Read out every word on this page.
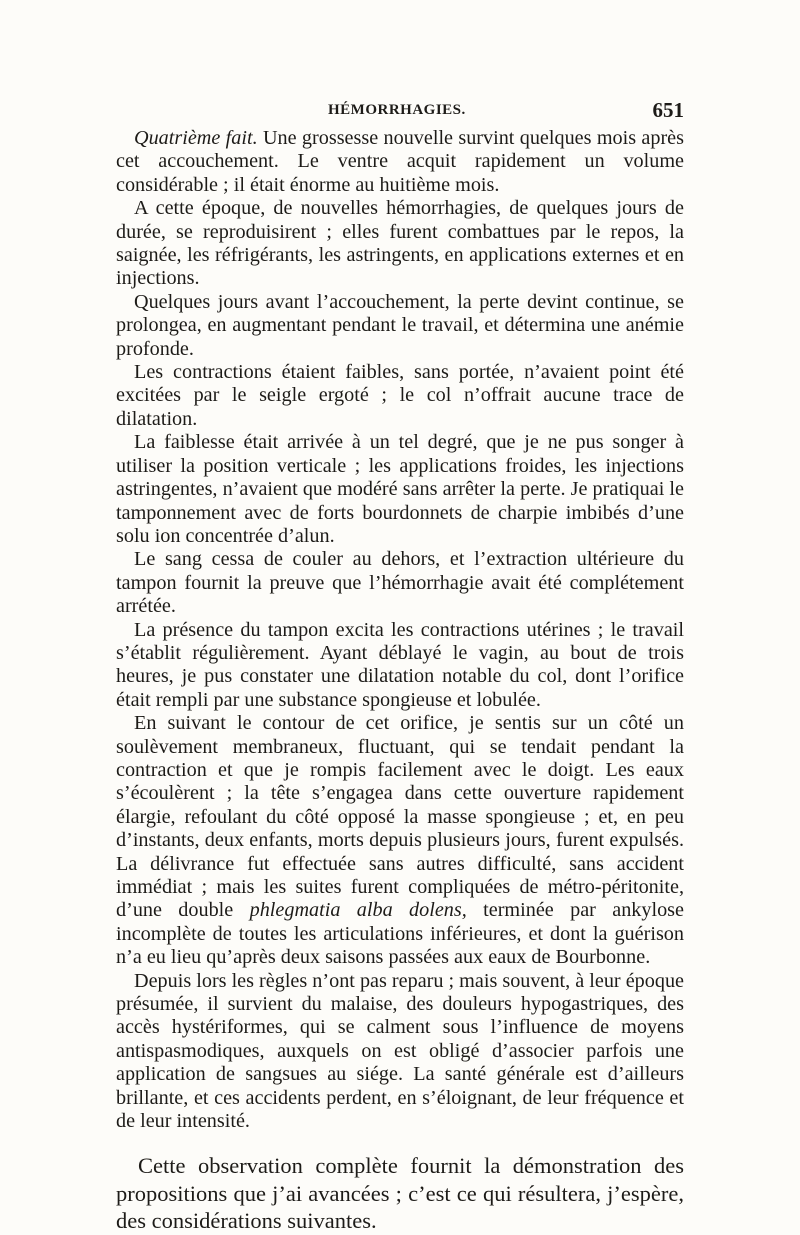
HÉMORRHAGIES.	651

Quatrième fait. Une grossesse nouvelle survint quelques mois après cet accouchement. Le ventre acquit rapidement un volume considérable ; il était énorme au huitième mois.

A cette époque, de nouvelles hémorrhagies, de quelques jours de durée, se reproduisirent ; elles furent combattues par le repos, la saignée, les réfrigérants, les astringents, en applications externes et en injections.

Quelques jours avant l’accouchement, la perte devint continue, se prolongea, en augmentant pendant le travail, et détermina une anémie profonde.

Les contractions étaient faibles, sans portée, n’avaient point été excitées par le seigle ergoté ; le col n’offrait aucune trace de dilatation.

La faiblesse était arrivée à un tel degré, que je ne pus songer à utiliser la position verticale ; les applications froides, les injections astringentes, n’avaient que modéré sans arrêter la perte. Je pratiquai le tamponnement avec de forts bourdonnets de charpie imbibés d’une solu ion concentrée d’alun.

Le sang cessa de couler au dehors, et l’extraction ultérieure du tampon fournit la preuve que l’hémorrhagie avait été complétement arrétée.

La présence du tampon excita les contractions utérines ; le travail s’établit régulièrement. Ayant déblayé le vagin, au bout de trois heures, je pus constater une dilatation notable du col, dont l’orifice était rempli par une substance spongieuse et lobulée.

En suivant le contour de cet orifice, je sentis sur un côté un soulèvement membraneux, fluctuant, qui se tendait pendant la contraction et que je rompis facilement avec le doigt. Les eaux s’écoulèrent ; la tête s’engagea dans cette ouverture rapidement élargie, refoulant du côté opposé la masse spongieuse ; et, en peu d’instants, deux enfants, morts depuis plusieurs jours, furent expulsés. La délivrance fut effectuée sans autres difficulté, sans accident immédiat ; mais les suites furent compliquées de métro-péritonite, d’une double phlegmatia alba dolens, terminée par ankylose incomplète de toutes les articulations inférieures, et dont la guérison n’a eu lieu qu’après deux saisons passées aux eaux de Bourbonne.

Depuis lors les règles n’ont pas reparu ; mais souvent, à leur époque présumée, il survient du malaise, des douleurs hypogastriques, des accès hystériformes, qui se calment sous l’influence de moyens antispasmodiques, auxquels on est obligé d’associer parfois une application de sangsues au siége. La santé générale est d’ailleurs brillante, et ces accidents perdent, en s’éloignant, de leur fréquence et de leur intensité.

Cette observation complète fournit la démonstration des propositions que j’ai avancées ; c’est ce qui résultera, j’espère, des considérations suivantes.
